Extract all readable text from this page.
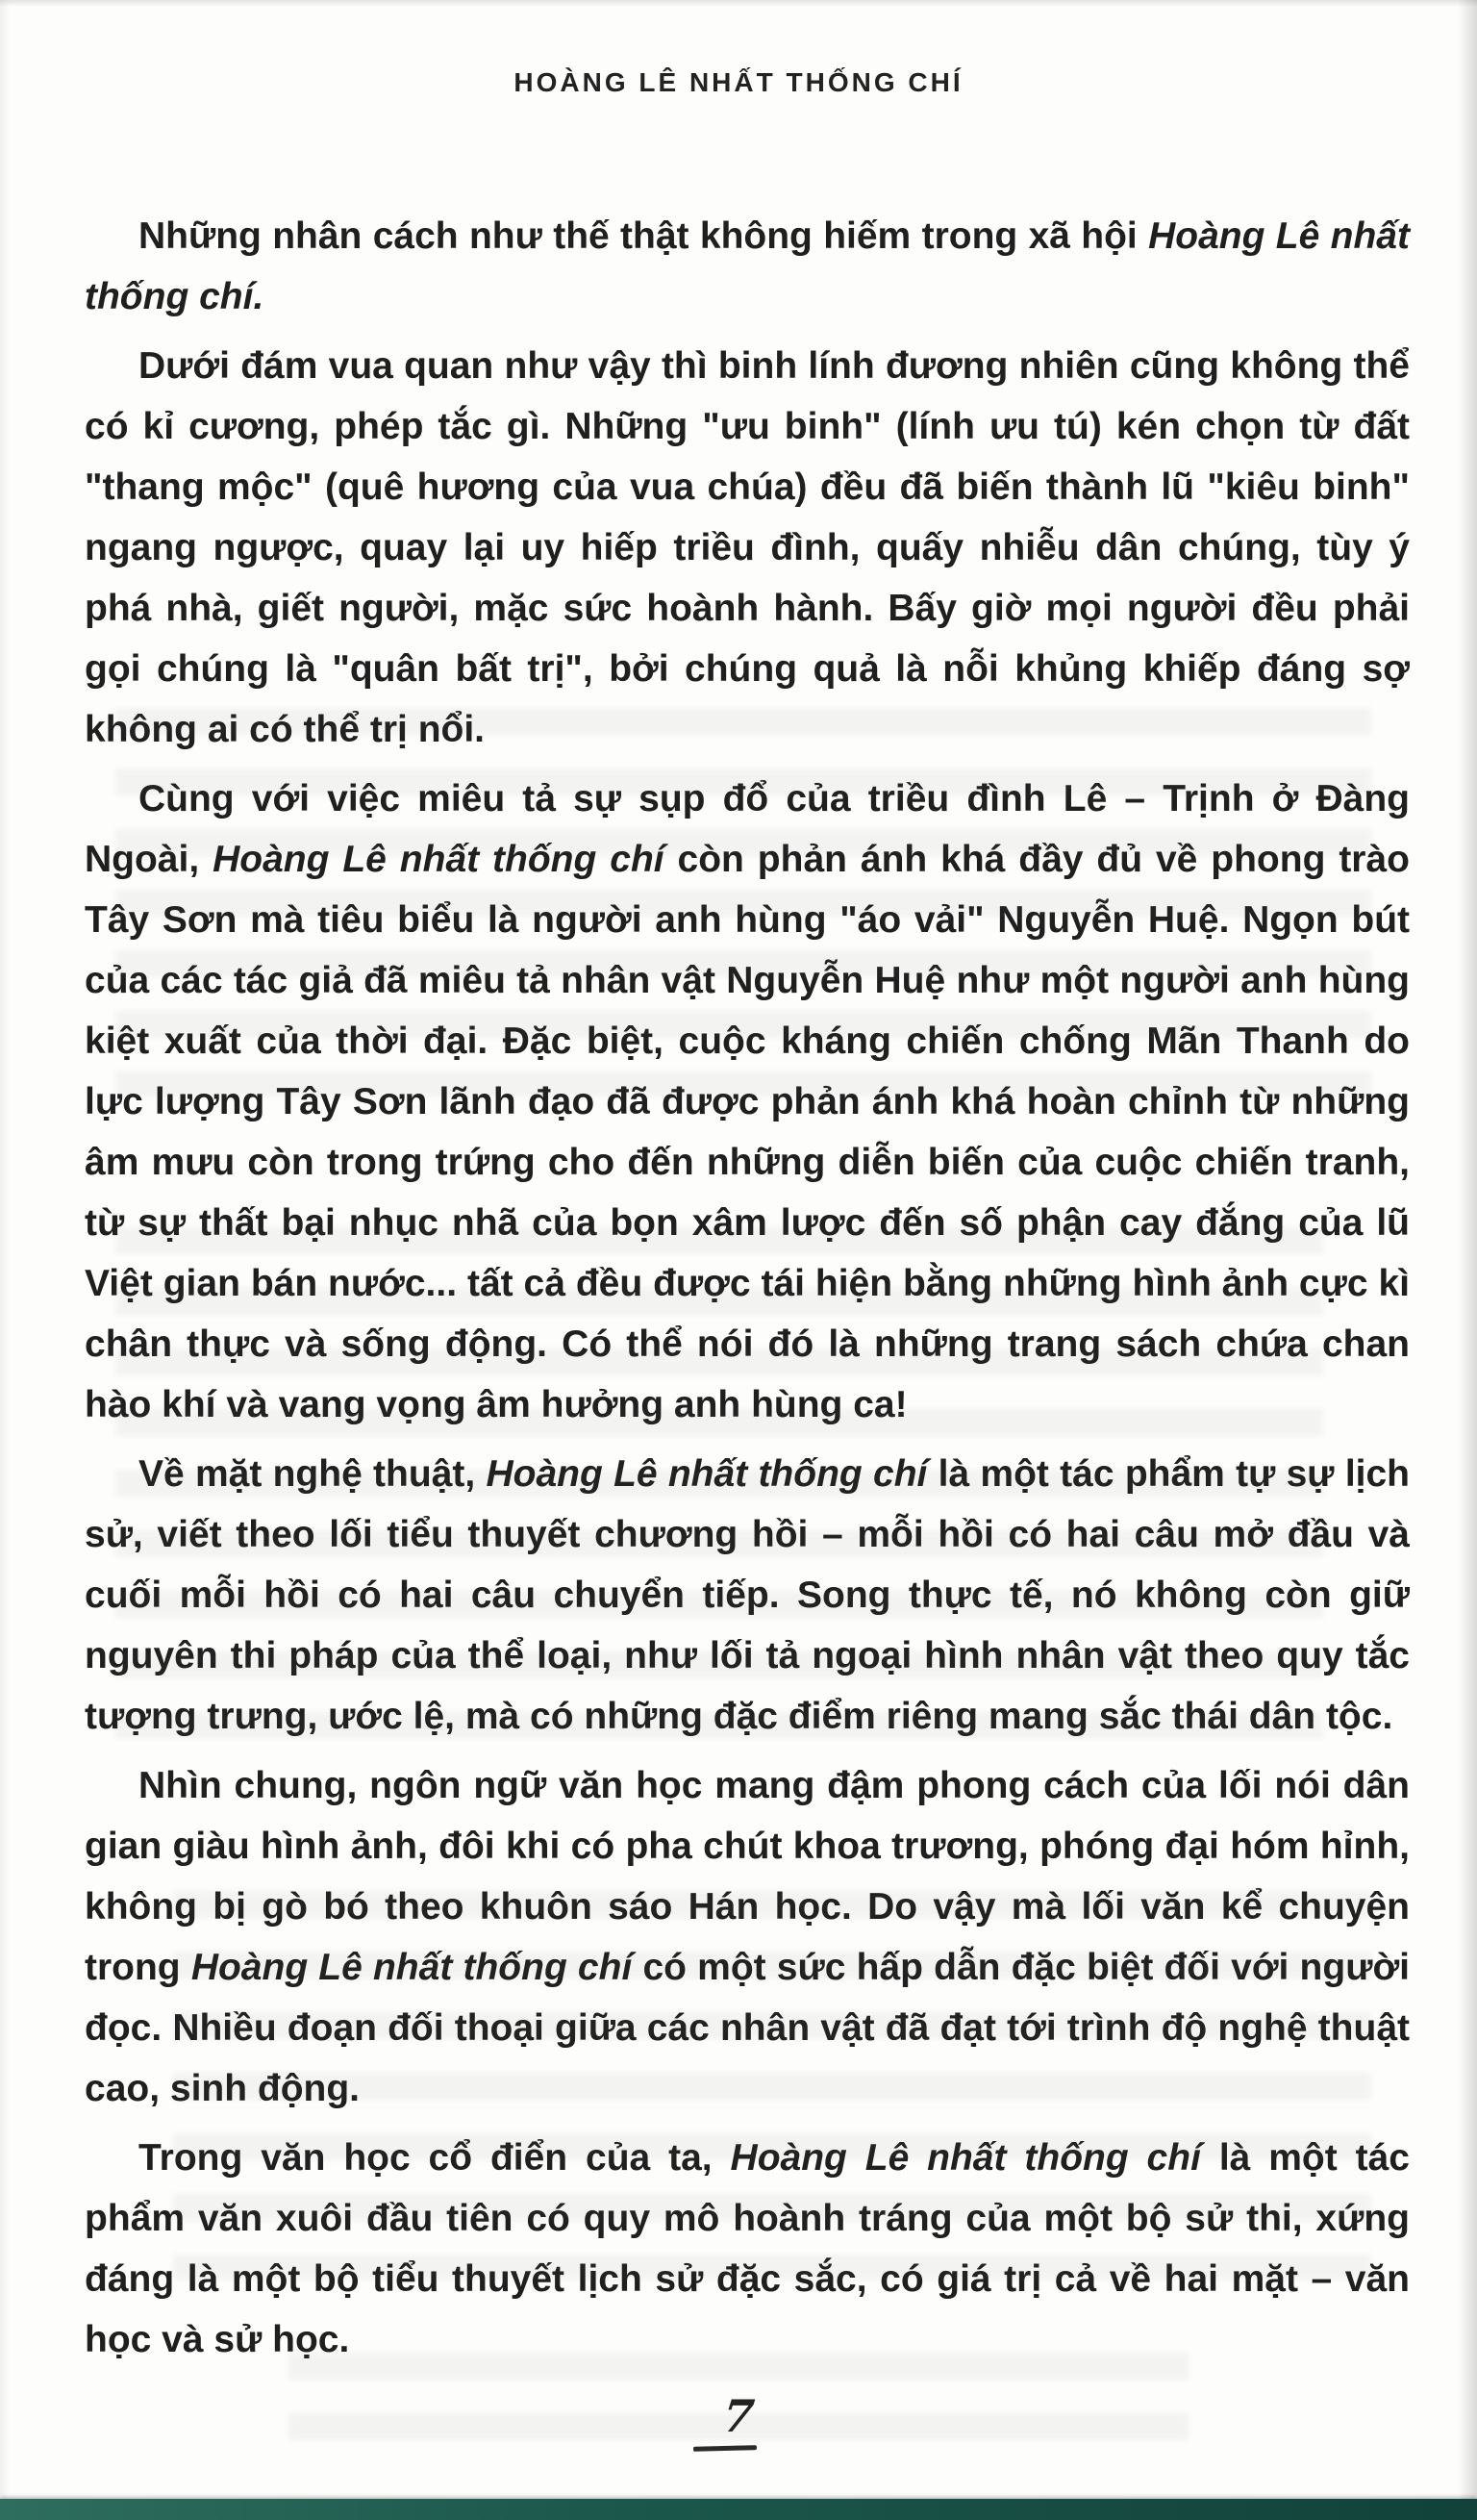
HOÀNG LÊ NHẤT THỐNG CHÍ

Những nhân cách như thế thật không hiếm trong xã hội Hoàng Lê nhất thống chí.

Dưới đám vua quan như vậy thì binh lính đương nhiên cũng không thể có kỉ cương, phép tắc gì. Những "ưu binh" (lính ưu tú) kén chọn từ đất "thang mộc" (quê hương của vua chúa) đều đã biến thành lũ "kiêu binh" ngang ngược, quay lại uy hiếp triều đình, quấy nhiễu dân chúng, tùy ý phá nhà, giết người, mặc sức hoành hành. Bấy giờ mọi người đều phải gọi chúng là "quân bất trị", bởi chúng quả là nỗi khủng khiếp đáng sợ không ai có thể trị nổi.

Cùng với việc miêu tả sự sụp đổ của triều đình Lê – Trịnh ở Đàng Ngoài, Hoàng Lê nhất thống chí còn phản ánh khá đầy đủ về phong trào Tây Sơn mà tiêu biểu là người anh hùng "áo vải" Nguyễn Huệ. Ngọn bút của các tác giả đã miêu tả nhân vật Nguyễn Huệ như một người anh hùng kiệt xuất của thời đại. Đặc biệt, cuộc kháng chiến chống Mãn Thanh do lực lượng Tây Sơn lãnh đạo đã được phản ánh khá hoàn chỉnh từ những âm mưu còn trong trứng cho đến những diễn biến của cuộc chiến tranh, từ sự thất bại nhục nhã của bọn xâm lược đến số phận cay đắng của lũ Việt gian bán nước... tất cả đều được tái hiện bằng những hình ảnh cực kì chân thực và sống động. Có thể nói đó là những trang sách chứa chan hào khí và vang vọng âm hưởng anh hùng ca!

Về mặt nghệ thuật, Hoàng Lê nhất thống chí là một tác phẩm tự sự lịch sử, viết theo lối tiểu thuyết chương hồi – mỗi hồi có hai câu mở đầu và cuối mỗi hồi có hai câu chuyển tiếp. Song thực tế, nó không còn giữ nguyên thi pháp của thể loại, như lối tả ngoại hình nhân vật theo quy tắc tượng trưng, ước lệ, mà có những đặc điểm riêng mang sắc thái dân tộc.

Nhìn chung, ngôn ngữ văn học mang đậm phong cách của lối nói dân gian giàu hình ảnh, đôi khi có pha chút khoa trương, phóng đại hóm hỉnh, không bị gò bó theo khuôn sáo Hán học. Do vậy mà lối văn kể chuyện trong Hoàng Lê nhất thống chí có một sức hấp dẫn đặc biệt đối với người đọc. Nhiều đoạn đối thoại giữa các nhân vật đã đạt tới trình độ nghệ thuật cao, sinh động.

Trong văn học cổ điển của ta, Hoàng Lê nhất thống chí là một tác phẩm văn xuôi đầu tiên có quy mô hoành tráng của một bộ sử thi, xứng đáng là một bộ tiểu thuyết lịch sử đặc sắc, có giá trị cả về hai mặt – văn học và sử học.

7
